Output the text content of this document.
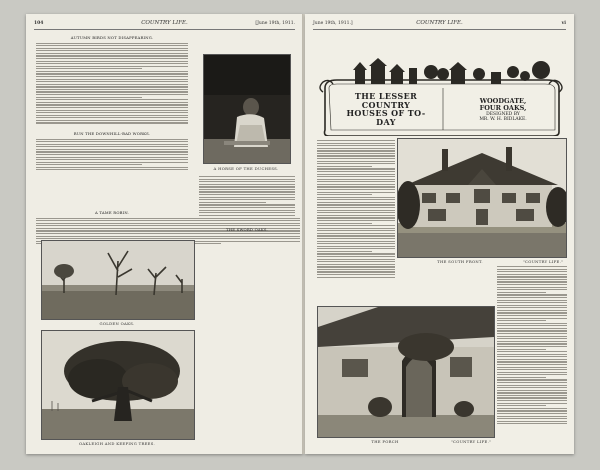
104	COUNTRY LIFE.	[June 19th, 1911.
AUTUMN BIRDS NOT DISAPPEARING.
RUN THE DOWNHILL-BAD WORKS.
A TAME ROBIN.
A HORSE OF THE DUCHESS.
THE SWORD OAKS.
GOLDEN OAKS.
OAKLEIGH AND KEEPING TREES.
June 19th, 1911.]	COUNTRY LIFE.	vi
THE LESSER COUNTRY HOUSES OF TO-DAY
WOODGATE,
FOUR OAKS,
DESIGNED BY
MR. W. H. BIDLAKE.
THE SOUTH FRONT.	"COUNTRY LIFE."
THE PORCH	"COUNTRY LIFE."
